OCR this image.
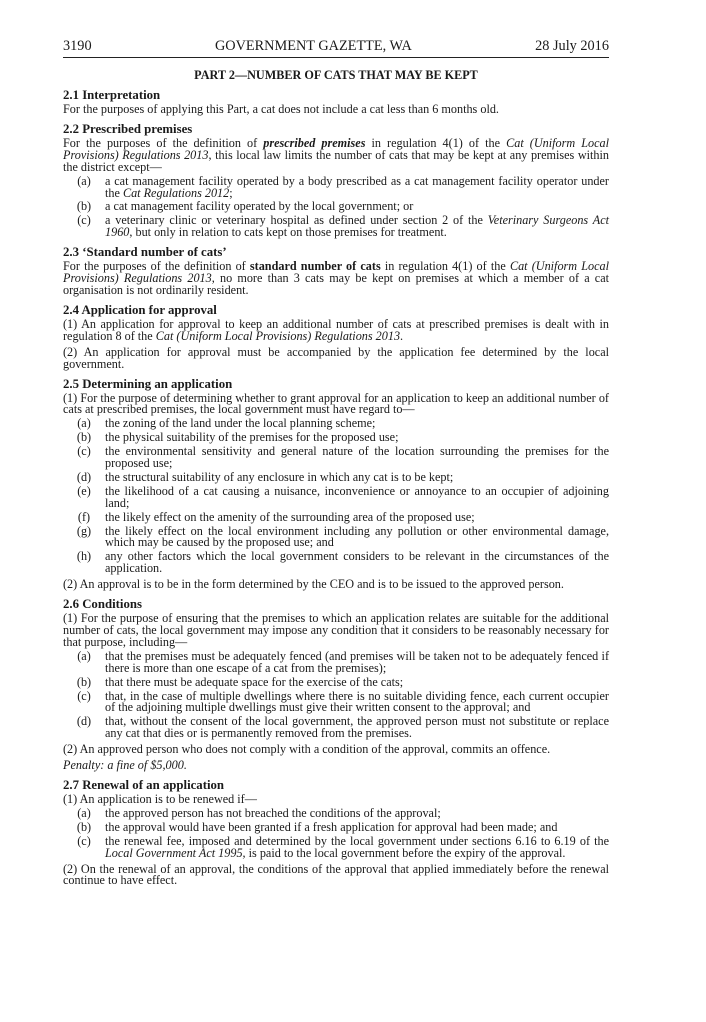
3190	GOVERNMENT GAZETTE, WA	28 July 2016
PART 2—NUMBER OF CATS THAT MAY BE KEPT
2.1 Interpretation

For the purposes of applying this Part, a cat does not include a cat less than 6 months old.

2.2 Prescribed premises

For the purposes of the definition of prescribed premises in regulation 4(1) of the Cat (Uniform Local Provisions) Regulations 2013, this local law limits the number of cats that may be kept at any premises within the district except—

(a)	a cat management facility operated by a body prescribed as a cat management facility operator under the Cat Regulations 2012;
(b)	a cat management facility operated by the local government; or
(c)	a veterinary clinic or veterinary hospital as defined under section 2 of the Veterinary Surgeons Act 1960, but only in relation to cats kept on those premises for treatment.
2.3 ‘Standard number of cats’

For the purposes of the definition of standard number of cats in regulation 4(1) of the Cat (Uniform Local Provisions) Regulations 2013, no more than 3 cats may be kept on premises at which a member of a cat organisation is not ordinarily resident.

2.4 Application for approval

(1) An application for approval to keep an additional number of cats at prescribed premises is dealt with in regulation 8 of the Cat (Uniform Local Provisions) Regulations 2013.

(2) An application for approval must be accompanied by the application fee determined by the local government.

2.5 Determining an application

(1) For the purpose of determining whether to grant approval for an application to keep an additional number of cats at prescribed premises, the local government must have regard to—

(a)	the zoning of the land under the local planning scheme;
(b)	the physical suitability of the premises for the proposed use;
(c)	the environmental sensitivity and general nature of the location surrounding the premises for the proposed use;
(d)	the structural suitability of any enclosure in which any cat is to be kept;
(e)	the likelihood of a cat causing a nuisance, inconvenience or annoyance to an occupier of adjoining land;
(f)	the likely effect on the amenity of the surrounding area of the proposed use;
(g)	the likely effect on the local environment including any pollution or other environmental damage, which may be caused by the proposed use; and
(h)	any other factors which the local government considers to be relevant in the circumstances of the application.

(2) An approval is to be in the form determined by the CEO and is to be issued to the approved person.

2.6 Conditions

(1) For the purpose of ensuring that the premises to which an application relates are suitable for the additional number of cats, the local government may impose any condition that it considers to be reasonably necessary for that purpose, including—

(a)	that the premises must be adequately fenced (and premises will be taken not to be adequately fenced if there is more than one escape of a cat from the premises);
(b)	that there must be adequate space for the exercise of the cats;
(c)	that, in the case of multiple dwellings where there is no suitable dividing fence, each current occupier of the adjoining multiple dwellings must give their written consent to the approval; and
(d)	that, without the consent of the local government, the approved person must not substitute or replace any cat that dies or is permanently removed from the premises.

(2) An approved person who does not comply with a condition of the approval, commits an offence.

Penalty: a fine of $5,000.

2.7 Renewal of an application

(1) An application is to be renewed if—

(a)	the approved person has not breached the conditions of the approval;
(b)	the approval would have been granted if a fresh application for approval had been made; and
(c)	the renewal fee, imposed and determined by the local government under sections 6.16 to 6.19 of the Local Government Act 1995, is paid to the local government before the expiry of the approval.

(2) On the renewal of an approval, the conditions of the approval that applied immediately before the renewal continue to have effect.
